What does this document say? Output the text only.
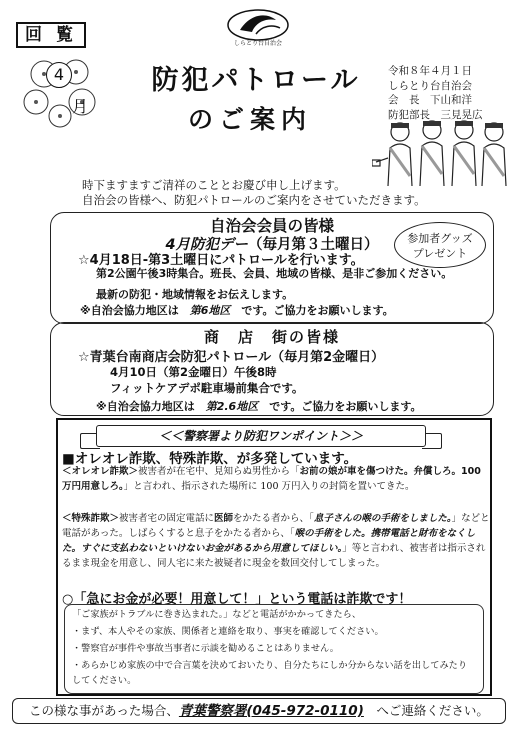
回 覧
4
月
しらとり台自治会
防犯パトロール
のご案内
令和８年４月１日
しらとり台自治会
会　長　下山和洋
防犯部長　三見晃広
時下ますますご清祥のこととお慶び申し上げます。
自治会の皆様へ、防犯パトロールのご案内をさせていただきます。
自治会会員の皆様
4月防犯デー（毎月第３土曜日）
☆4月18日-第3土曜日にパトロールを行います。
第2公園午後3時集合。班長、会員、地域の皆様、是非ご参加ください。
最新の防犯・地域情報をお伝えします。
※自治会協力地区は　第6地区　です。ご協力をお願いします。
参加者グッズ
プレゼント
商　店　街の皆様
☆青葉台南商店会防犯パトロール（毎月第2金曜日）
4月10日（第2金曜日）午後8時
フィットケアデポ駐車場前集合です。
※自治会協力地区は　第2.6地区　です。ご協力をお願いします。
＜＜警察署より防犯ワンポイント＞＞
■オレオレ詐欺、特殊詐欺、が多発しています。
＜オレオレ詐欺＞被害者が在宅中、見知らぬ男性から「お前の娘が車を傷つけた。弁償しろ。100 万円用意しろ。」と言われ、指示された場所に 100 万円入りの封筒を置いてきた。
＜特殊詐欺＞被害者宅の固定電話に医師をかたる者から、「息子さんの喉の手術をしました。」などと電話があった。しばらくすると息子をかたる者から、「喉の手術をした。携帯電話と財布をなくした。すぐに支払わないといけないお金があるから用意してほしい。」等と言われ、被害者は指示されるまま現金を用意し、同人宅に来た被疑者に現金を数回交付してしまった。
○「急にお金が必要！用意して！」という電話は詐欺です！
「ご家族がトラブルに巻き込まれた。」などと電話がかかってきたら、
・まず、本人やその家族、関係者と連絡を取り、事実を確認してください。
・警察官が事件や事故当事者に示談を勧めることはありません。
・あらかじめ家族の中で合言葉を決めておいたり、自分たちにしか分からない話を出してみたりしてください。
この様な事があった場合、青葉警察署(045-972-0110)　へご連絡ください。
